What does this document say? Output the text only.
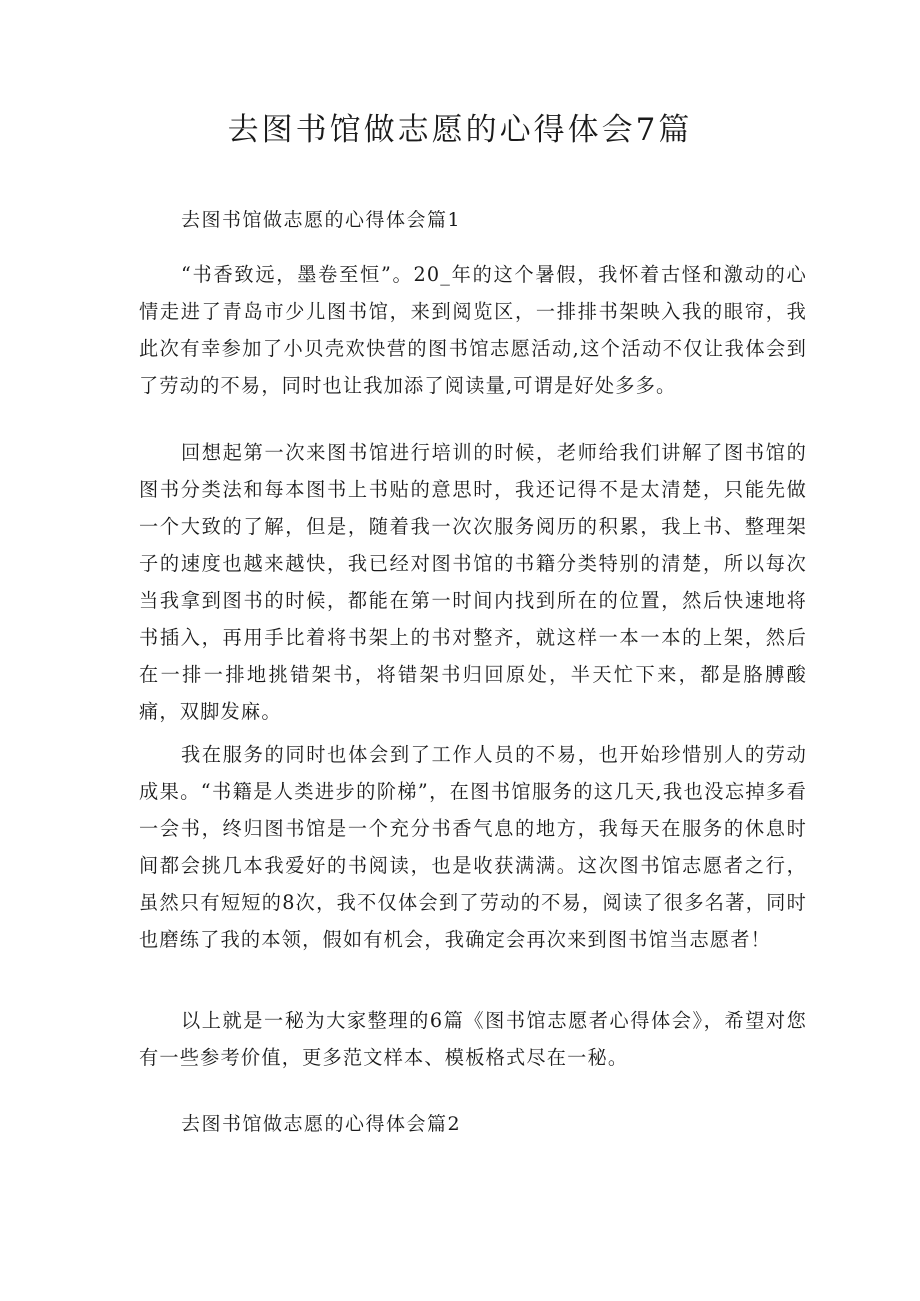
去图书馆做志愿的心得体会7篇
去图书馆做志愿的心得体会篇1

“书香致远，墨卷至恒”。20_年的这个暑假，我怀着古怪和激动的心情走进了青岛市少儿图书馆，来到阅览区，一排排书架映入我的眼帘，我此次有幸参加了小贝壳欢快营的图书馆志愿活动,这个活动不仅让我体会到了劳动的不易，同时也让我加添了阅读量,可谓是好处多多。

回想起第一次来图书馆进行培训的时候，老师给我们讲解了图书馆的图书分类法和每本图书上书贴的意思时，我还记得不是太清楚，只能先做一个大致的了解，但是，随着我一次次服务阅历的积累，我上书、整理架子的速度也越来越快，我已经对图书馆的书籍分类特别的清楚，所以每次当我拿到图书的时候，都能在第一时间内找到所在的位置，然后快速地将书插入，再用手比着将书架上的书对整齐，就这样一本一本的上架，然后在一排一排地挑错架书，将错架书归回原处，半天忙下来，都是胳膊酸痛，双脚发麻。

我在服务的同时也体会到了工作人员的不易，也开始珍惜别人的劳动成果。“书籍是人类进步的阶梯”，在图书馆服务的这几天,我也没忘掉多看一会书，终归图书馆是一个充分书香气息的地方，我每天在服务的休息时间都会挑几本我爱好的书阅读，也是收获满满。这次图书馆志愿者之行，虽然只有短短的8次，我不仅体会到了劳动的不易，阅读了很多名著，同时也磨练了我的本领，假如有机会，我确定会再次来到图书馆当志愿者！

以上就是一秘为大家整理的6篇《图书馆志愿者心得体会》，希望对您有一些参考价值，更多范文样本、模板格式尽在一秘。

去图书馆做志愿的心得体会篇2
